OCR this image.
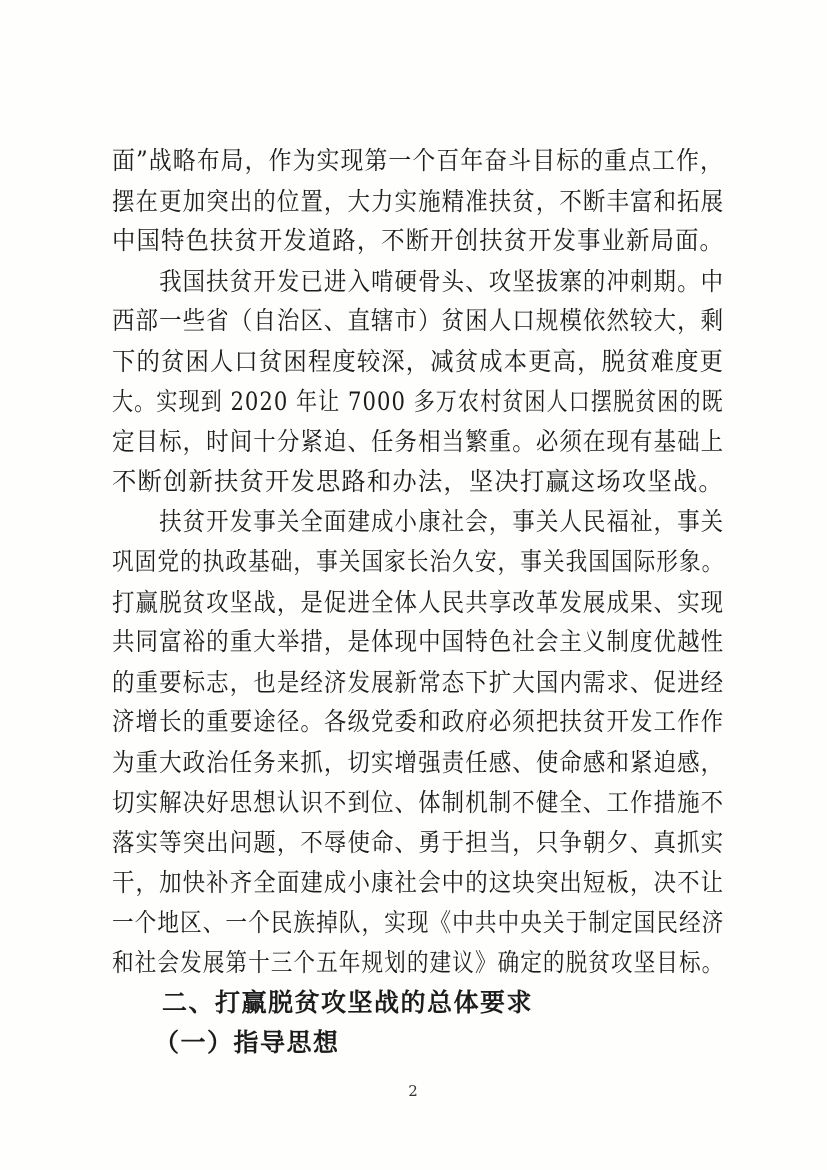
面”战略布局，作为实现第一个百年奋斗目标的重点工作，
摆在更加突出的位置，大力实施精准扶贫，不断丰富和拓展
中国特色扶贫开发道路，不断开创扶贫开发事业新局面。
　　我国扶贫开发已进入啃硬骨头、攻坚拔寨的冲刺期。中
西部一些省（自治区、直辖市）贫困人口规模依然较大，剩
下的贫困人口贫困程度较深，减贫成本更高，脱贫难度更
大。实现到 2020 年让 7000 多万农村贫困人口摆脱贫困的既
定目标，时间十分紧迫、任务相当繁重。必须在现有基础上
不断创新扶贫开发思路和办法，坚决打赢这场攻坚战。
　　扶贫开发事关全面建成小康社会，事关人民福祉，事关
巩固党的执政基础，事关国家长治久安，事关我国国际形象。
打赢脱贫攻坚战，是促进全体人民共享改革发展成果、实现
共同富裕的重大举措，是体现中国特色社会主义制度优越性
的重要标志，也是经济发展新常态下扩大国内需求、促进经
济增长的重要途径。各级党委和政府必须把扶贫开发工作作
为重大政治任务来抓，切实增强责任感、使命感和紧迫感，
切实解决好思想认识不到位、体制机制不健全、工作措施不
落实等突出问题，不辱使命、勇于担当，只争朝夕、真抓实
干，加快补齐全面建成小康社会中的这块突出短板，决不让
一个地区、一个民族掉队，实现《中共中央关于制定国民经济
和社会发展第十三个五年规划的建议》确定的脱贫攻坚目标。
二、打赢脱贫攻坚战的总体要求
（一）指导思想
2
